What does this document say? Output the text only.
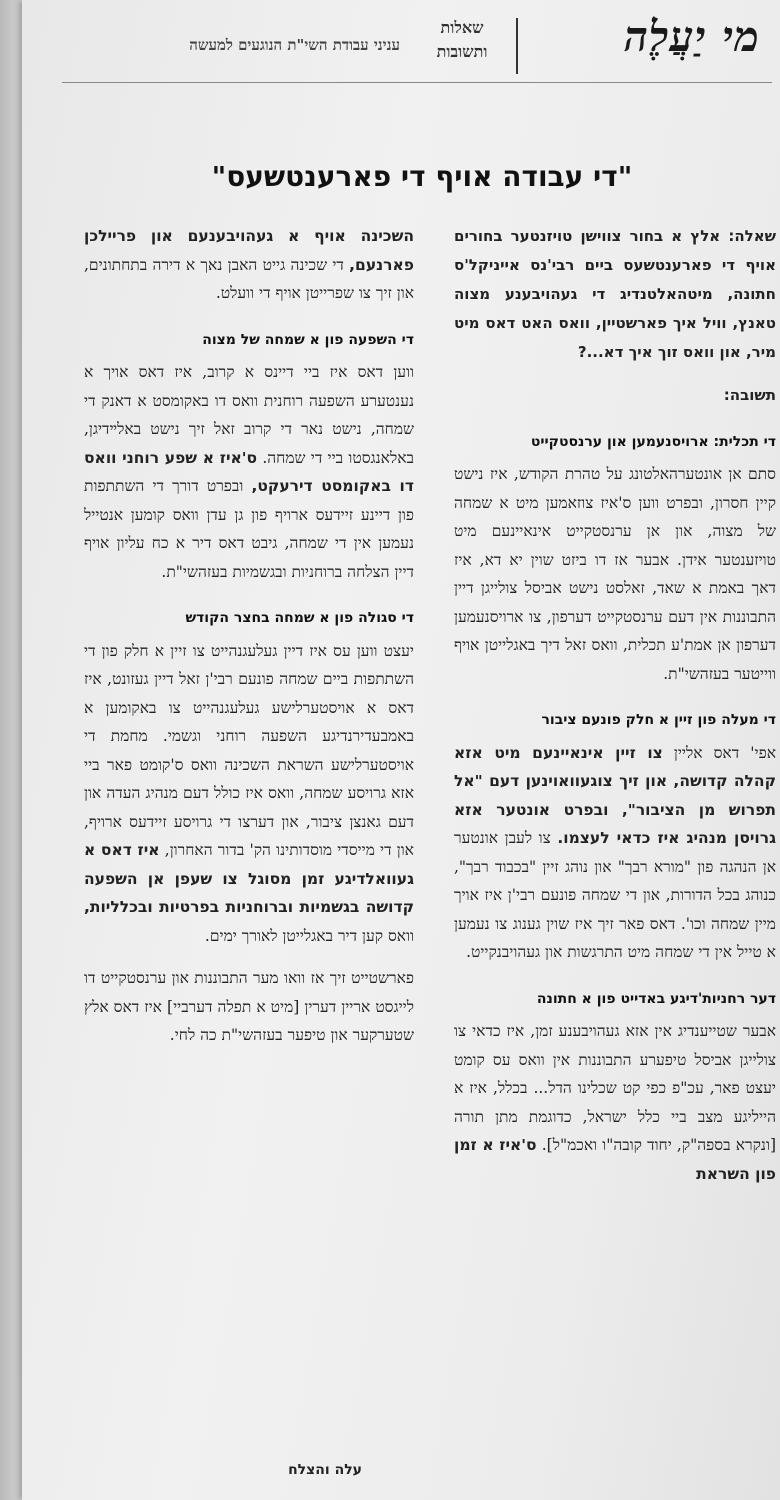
מי יַעֲלֶה
שאלות
ותשובות
עניני עבודת השי"ת הנוגעים למעשה
"די עבודה אויף די פארענטשעס"

שאלה: אלץ א בחור צווישן טויזנטער בחורים אויף די פארענטשעס ביים רבי'נס אייניקל'ס חתונה, מיטהאלטנדיג די געהויבענע מצוה טאנץ, וויל איך פארשטיין, וואס האט דאס מיט מיר, און וואס זוך איך דא...?

תשובה:
די תכלית: ארויסנעמען און ערנסטקייט

סתם אן אונטערהאלטונג על טהרת הקודש, איז נישט קיין חסרון, ובפרט ווען ס'איז צוזאמען מיט א שמחה של מצוה, און אן ערנסטקייט אינאיינעם מיט טויזענטער אידן. אבער אז דו ביזט שוין יא דא, איז דאך באמת א שאד, זאלסט נישט אביסל צולייגן דיין התבוננות אין דעם ערנסטקייט דערפון, צו ארויסנעמען דערפון אן אמת'ע תכלית, וואס זאל דיך באגלייטן אויף ווייטער בעזהשי"ת.

די מעלה פון זיין א חלק פונעם ציבור

אפי' דאס אליין צו זיין אינאיינעם מיט אזא קהלה קדושה, און זיך צוגעוואוינען דעם "אל תפרוש מן הציבור", ובפרט אונטער אזא גרויסן מנהיג איז כדאי לעצמו. צו לעבן אונטער אן הנהגה פון "מורא רבך" און נוהג זיין "בכבוד רבך", כנוהג בכל הדורות, און די שמחה פונעם רבי'ן איז אויך מיין שמחה וכו'. דאס פאר זיך איז שוין גענוג צו נעמען א טייל אין די שמחה מיט התרגשות און געהויבנקייט.

דער רחניות'דיגע באדייט פון א חתונה

אבער שטייענדיג אין אזא געהויבענע זמן, איז כדאי צו צולייגן אביסל טיפערע התבוננות אין וואס עס קומט יעצט פאר, עכ"פ כפי קט שכלינו הדל... בכלל, איז א הייליגע מצב ביי כלל ישראל, כדוגמת מתן תורה [ונקרא בספה"ק, יחוד קובה"ו ואכמ"ל]. ס'איז א זמן פון השראת

השכינה אויף א געהויבענעם און פריילכן פארנעם, די שכינה גייט האבן נאך א דירה בתחתונים, און זיך צו שפרייטן אויף די וועלט.

די השפעה פון א שמחה של מצוה

ווען דאס איז ביי דיינס א קרוב, איז דאס אויך א נענטערע השפעה רוחנית וואס דו באקומסט א דאנק די שמחה, נישט נאר די קרוב זאל זיך נישט באלײדיגן, באלאנגסטו ביי די שמחה. ס'איז א שפע רוחני וואס דו באקומסט דירעקט, ובפרט דורך די השתתפות פון דיינע זיידעס ארויף פון גן עדן וואס קומען אנטייל נעמען אין די שמחה, גיבט דאס דיר א כח עליון אויף דיין הצלחה ברוחניות ובגשמיות בעזהשי"ת.

די סגולה פון א שמחה בחצר הקודש

יעצט ווען עס איז דיין געלעגנהייט צו זיין א חלק פון די השתתפות ביים שמחה פונעם רבי'ן זאל דיין געזונט, איז דאס א אויסטערלישע געלעגנהייט צו באקומען א באמבעדירנדיגע השפעה רוחני וגשמי. מחמת די אויסטערלישע השראת השכינה וואס ס'קומט פאר ביי אזא גרויסע שמחה, וואס איז כולל דעם מנהיג העדה און דעם גאנצן ציבור, און דערצו די גרויסע זיידעס ארויף, און די מייסדי מוסדותינו הק' בדור האחרון, איז דאס א געוואלדיגע זמן מסוגל צו שעפן אן השפעה קדושה בגשמיות וברוחניות בפרטיות ובכלליות, וואס קען דיר באגלייטן לאורך ימים.

פארשטייט זיך אז וואו מער התבוננות און ערנסטקייט דו לייגסט אריין דערין [מיט א תפלה דערביי] איז דאס אלץ שטערקער און טיפער בעזהשי"ת כה לחי.

עלה והצלח
